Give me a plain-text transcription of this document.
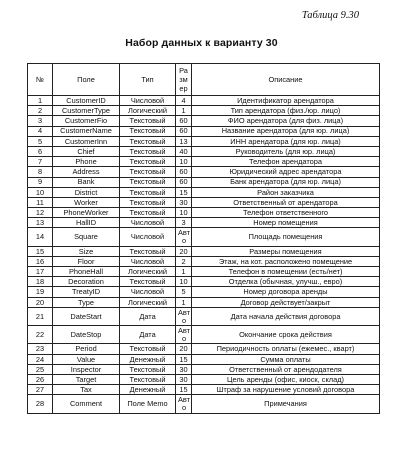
Таблица 9.30
Набор данных к варианту 30
№	Поле	Тип	Размер	Описание
1	CustomerID	Числовой	4	Идентификатор арендатора
2	CustomerType	Логический	1	Тип арендатора (физ./юр. лицо)
3	CustomerFio	Текстовый	60	ФИО арендатора (для физ. лица)
4	CustomerName	Текстовый	60	Название арендатора (для юр. лица)
5	CustomerInn	Текстовый	13	ИНН арендатора (для юр. лица)
6	Chief	Текстовый	40	Руководитель (для юр. лица)
7	Phone	Текстовый	10	Телефон арендатора
8	Address	Текстовый	60	Юридический адрес арендатора
9	Bank	Текстовый	60	Банк арендатора (для юр. лица)
10	District	Текстовый	15	Район заказчика
11	Worker	Текстовый	30	Ответственный от арендатора
12	PhoneWorker	Текстовый	10	Телефон ответственного
13	HallID	Числовой	3	Номер помещения
14	Square	Числовой	Авто	Площадь помещения
15	Size	Текстовый	20	Размеры помещения
16	Floor	Числовой	2	Этаж, на кот. расположено помещение
17	PhoneHall	Логический	1	Телефон в помещении (есть/нет)
18	Decoration	Текстовый	10	Отделка (обычная, улучш., евро)
19	TreatyID	Числовой	5	Номер договора аренды
20	Type	Логический	1	Договор действует/закрыт
21	DateStart	Дата	Авто	Дата начала действия договора
22	DateStop	Дата	Авто	Окончание срока действия
23	Period	Текстовый	20	Периодичность оплаты (ежемес., кварт)
24	Value	Денежный	15	Сумма оплаты
25	Inspector	Текстовый	30	Ответственный от арендодателя
26	Target	Текстовый	30	Цель аренды (офис, киоск, склад)
27	Tax	Денежный	15	Штраф за нарушение условий договора
28	Comment	Поле Memo	Авто	Примечания
